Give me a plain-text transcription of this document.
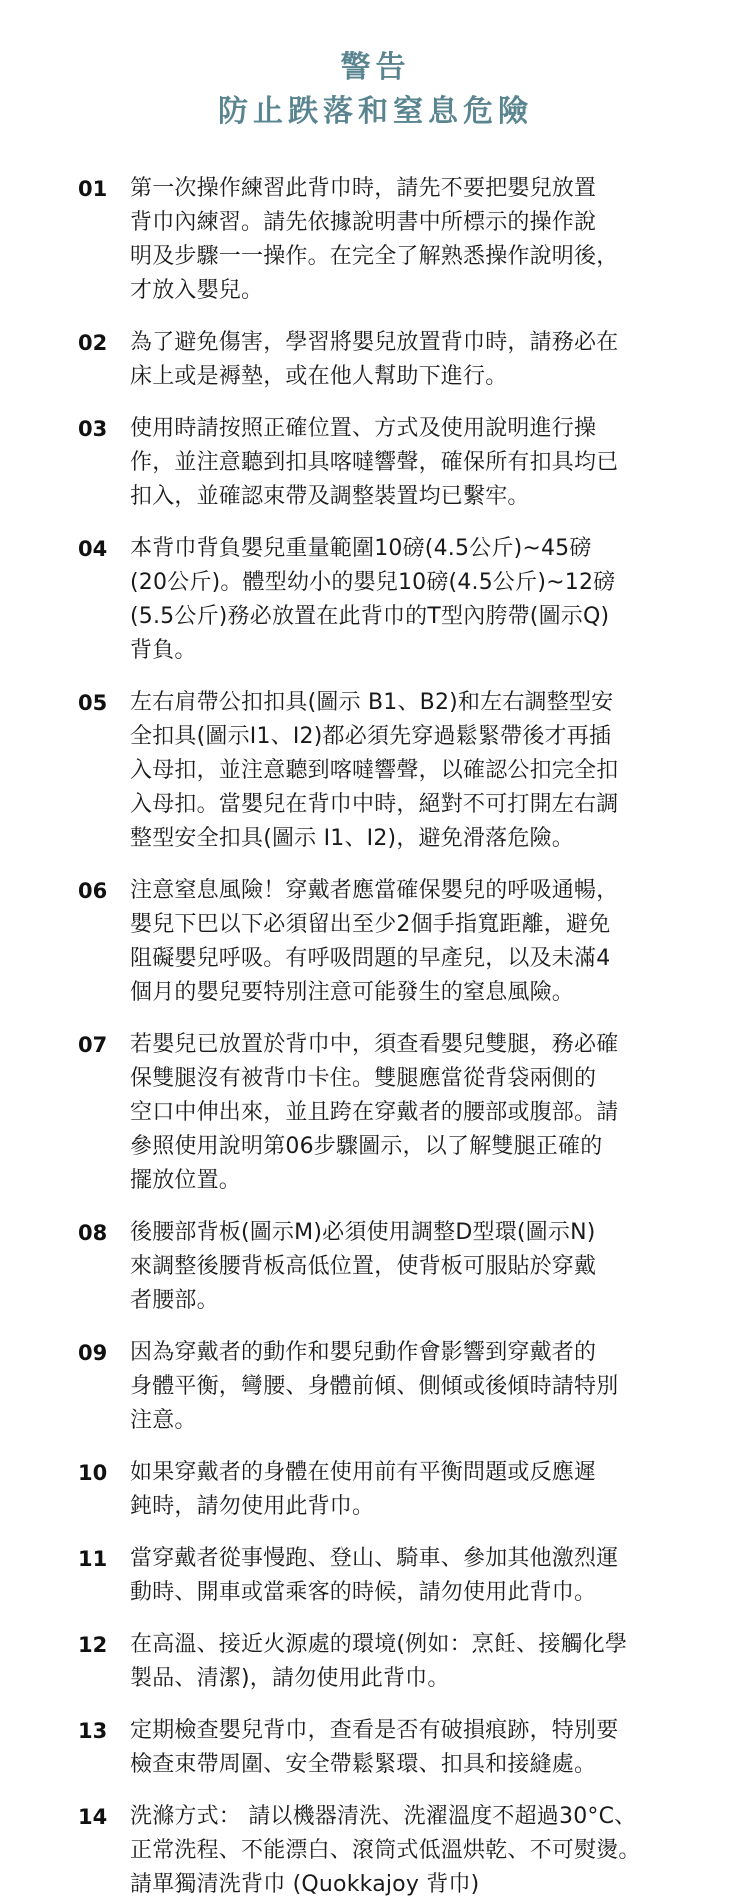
警告
防止跌落和窒息危險
01	第一次操作練習此背巾時，請先不要把嬰兒放置
背巾內練習。請先依據說明書中所標示的操作說
明及步驟一一操作。在完全了解熟悉操作說明後，
才放入嬰兒。
02	為了避免傷害，學習將嬰兒放置背巾時，請務必在
床上或是褥墊，或在他人幫助下進行。
03	使用時請按照正確位置、方式及使用說明進行操
作，並注意聽到扣具喀噠響聲，確保所有扣具均已
扣入，並確認束帶及調整裝置均已繫牢。
04	本背巾背負嬰兒重量範圍10磅(4.5公斤)~45磅
(20公斤)。體型幼小的嬰兒10磅(4.5公斤)~12磅
(5.5公斤)務必放置在此背巾的T型內胯帶(圖示Q)
背負。
05	左右肩帶公扣扣具(圖示 B1、B2)和左右調整型安
全扣具(圖示I1、I2)都必須先穿過鬆緊帶後才再插
入母扣，並注意聽到喀噠響聲，以確認公扣完全扣
入母扣。當嬰兒在背巾中時，絕對不可打開左右調
整型安全扣具(圖示 I1、I2)，避免滑落危險。
06	注意窒息風險！穿戴者應當確保嬰兒的呼吸通暢，
嬰兒下巴以下必須留出至少2個手指寬距離，避免
阻礙嬰兒呼吸。有呼吸問題的早產兒，以及未滿4
個月的嬰兒要特別注意可能發生的窒息風險。
07	若嬰兒已放置於背巾中，須查看嬰兒雙腿，務必確
保雙腿沒有被背巾卡住。雙腿應當從背袋兩側的
空口中伸出來，並且跨在穿戴者的腰部或腹部。請
參照使用說明第06步驟圖示，以了解雙腿正確的
擺放位置。
08	後腰部背板(圖示M)必須使用調整D型環(圖示N)
來調整後腰背板高低位置，使背板可服貼於穿戴
者腰部。
09	因為穿戴者的動作和嬰兒動作會影響到穿戴者的
身體平衡，彎腰、身體前傾、側傾或後傾時請特別
注意。
10	如果穿戴者的身體在使用前有平衡問題或反應遲
鈍時，請勿使用此背巾。
11	當穿戴者從事慢跑、登山、騎車、參加其他激烈運
動時、開車或當乘客的時候，請勿使用此背巾。
12	在高溫、接近火源處的環境(例如：烹飪、接觸化學
製品、清潔)，請勿使用此背巾。
13	定期檢查嬰兒背巾，查看是否有破損痕跡，特別要
檢查束帶周圍、安全帶鬆緊環、扣具和接縫處。
14	洗滌方式： 請以機器清洗、洗濯溫度不超過30°C、
正常洗程、不能漂白、滾筒式低溫烘乾、不可熨燙。
請單獨清洗背巾 (Quokkajoy 背巾)
